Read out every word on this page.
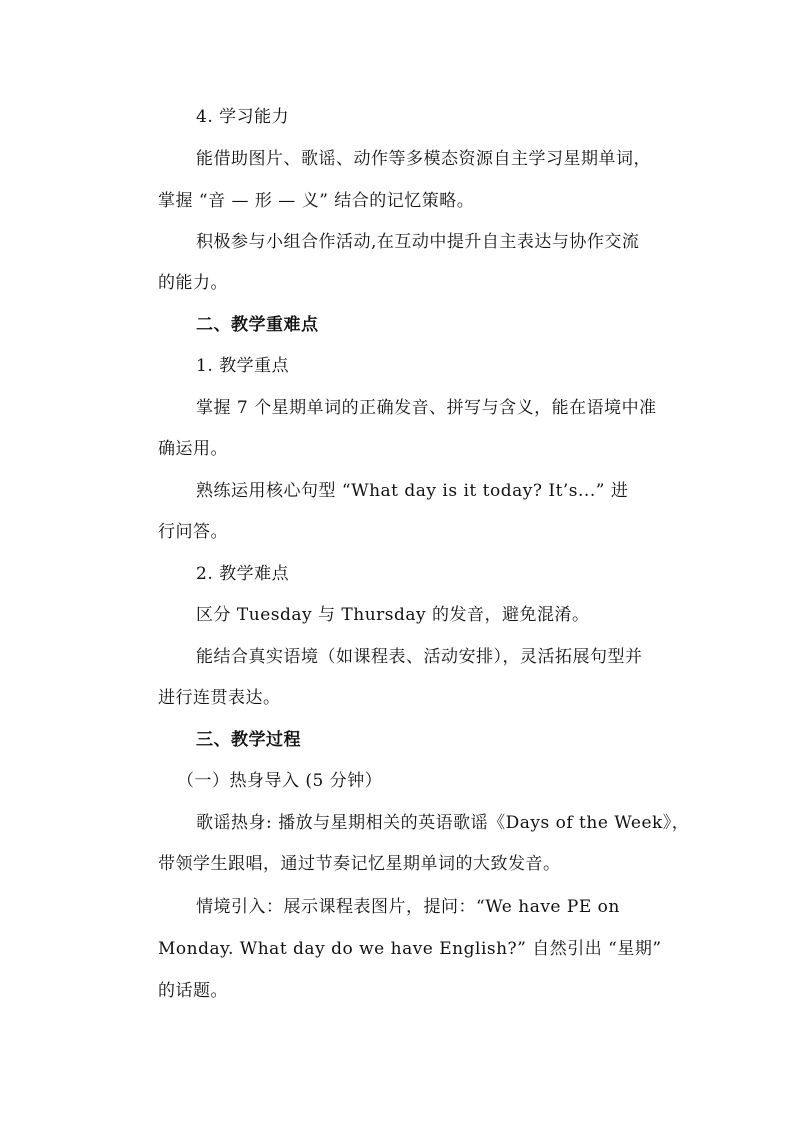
4. 学习能力
能借助图片、歌谣、动作等多模态资源自主学习星期单词，
掌握 “音 — 形 — 义” 结合的记忆策略。
积极参与小组合作活动,在互动中提升自主表达与协作交流
的能力。
二、教学重难点
1. 教学重点
掌握 7 个星期单词的正确发音、拼写与含义，能在语境中准
确运用。
熟练运用核心句型 “What day is it today? It’s...” 进
行问答。
2. 教学难点
区分 Tuesday 与 Thursday 的发音，避免混淆。
能结合真实语境（如课程表、活动安排），灵活拓展句型并
进行连贯表达。
三、教学过程
（一）热身导入 (5 分钟）
歌谣热身: 播放与星期相关的英语歌谣《Days of the Week》，
带领学生跟唱，通过节奏记忆星期单词的大致发音。
情境引入：展示课程表图片，提问：“We have PE on
Monday. What day do we have English?” 自然引出 “星期”
的话题。
